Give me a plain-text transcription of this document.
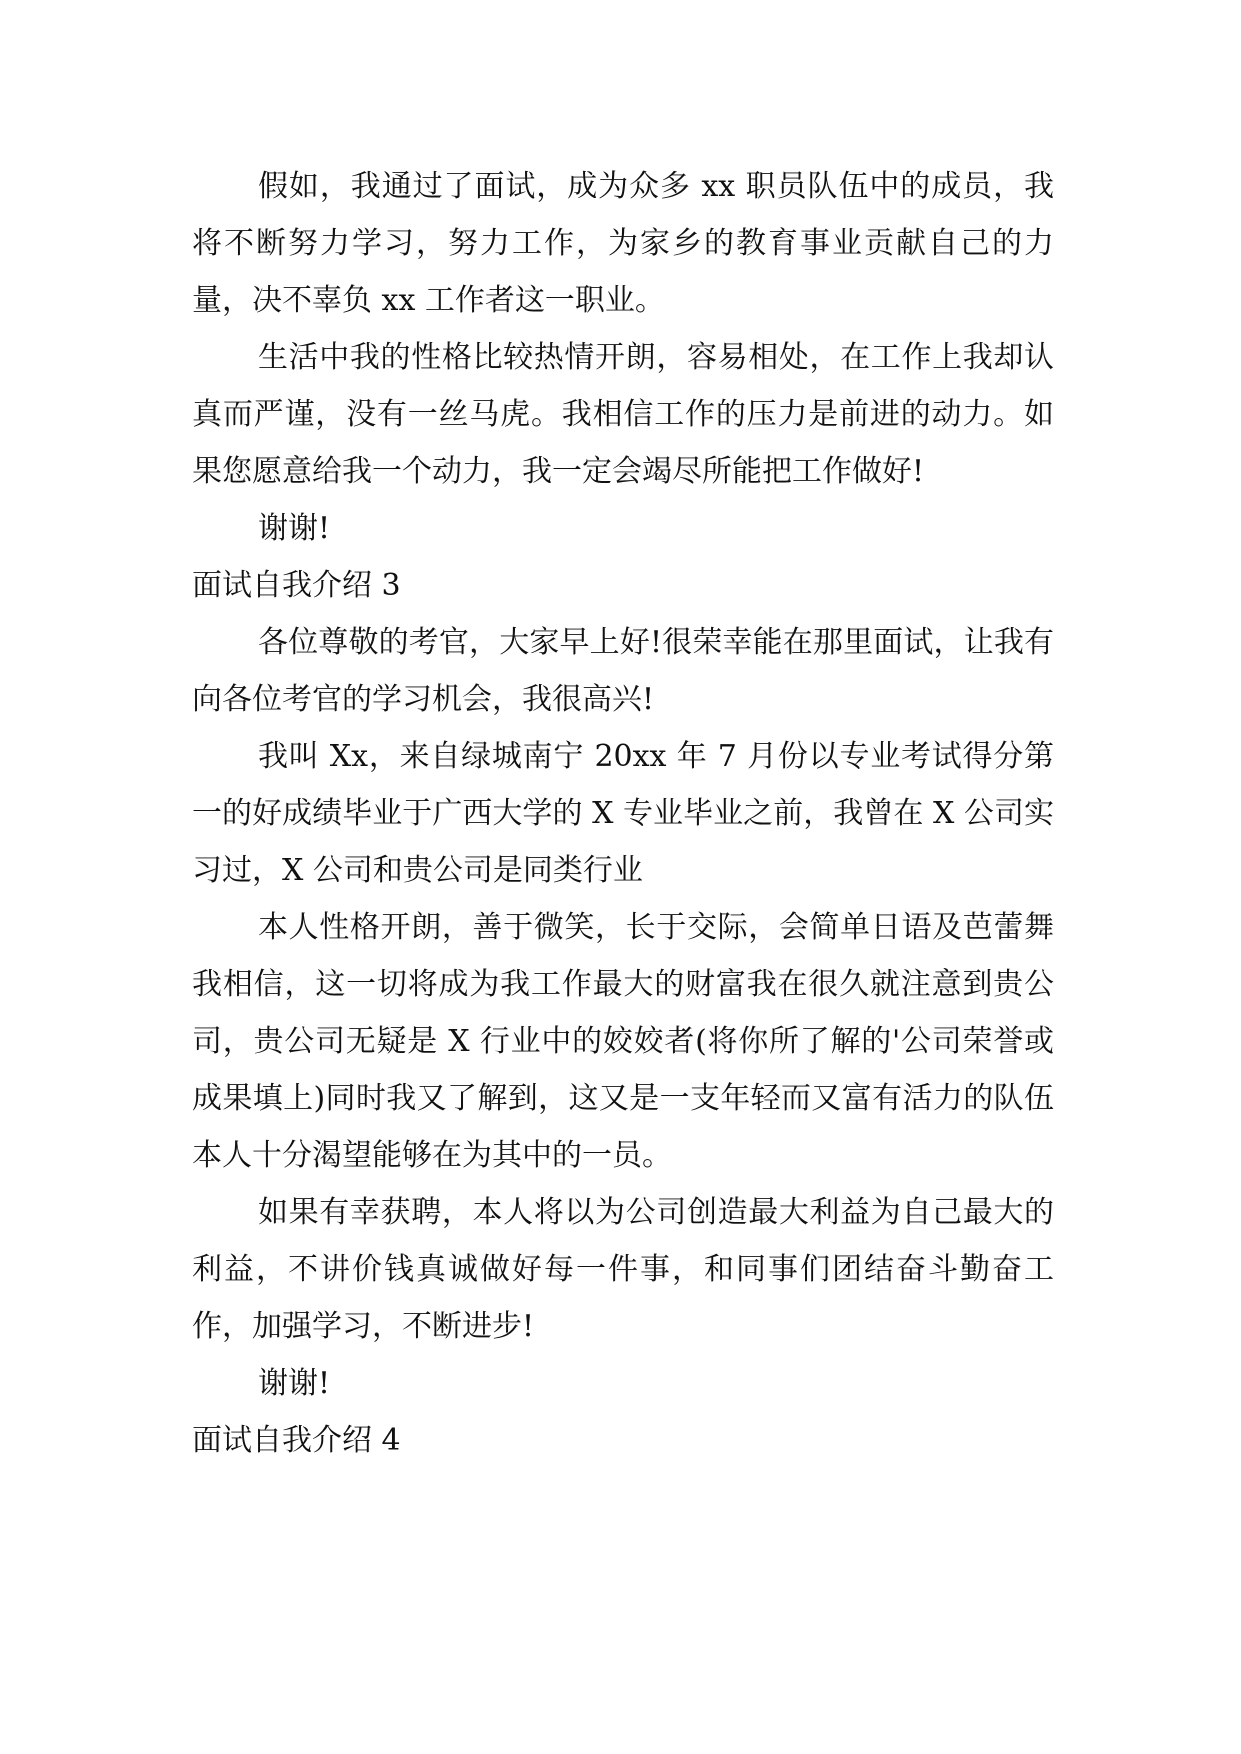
假如，我通过了面试，成为众多 xx 职员队伍中的成员，我将不断努力学习，努力工作，为家乡的教育事业贡献自己的力量，决不辜负 xx 工作者这一职业。

生活中我的性格比较热情开朗，容易相处，在工作上我却认真而严谨，没有一丝马虎。我相信工作的压力是前进的动力。如果您愿意给我一个动力，我一定会竭尽所能把工作做好!

谢谢!

面试自我介绍 3

各位尊敬的考官，大家早上好!很荣幸能在那里面试，让我有向各位考官的学习机会，我很高兴!

我叫 Xx，来自绿城南宁 20xx 年 7 月份以专业考试得分第一的好成绩毕业于广西大学的 X 专业毕业之前，我曾在 X 公司实习过，X 公司和贵公司是同类行业

本人性格开朗，善于微笑，长于交际，会简单日语及芭蕾舞我相信，这一切将成为我工作最大的财富我在很久就注意到贵公司，贵公司无疑是 X 行业中的姣姣者(将你所了解的'公司荣誉或成果填上)同时我又了解到，这又是一支年轻而又富有活力的队伍本人十分渴望能够在为其中的一员。

如果有幸获聘，本人将以为公司创造最大利益为自己最大的利益，不讲价钱真诚做好每一件事，和同事们团结奋斗勤奋工作，加强学习，不断进步!

谢谢!

面试自我介绍 4
